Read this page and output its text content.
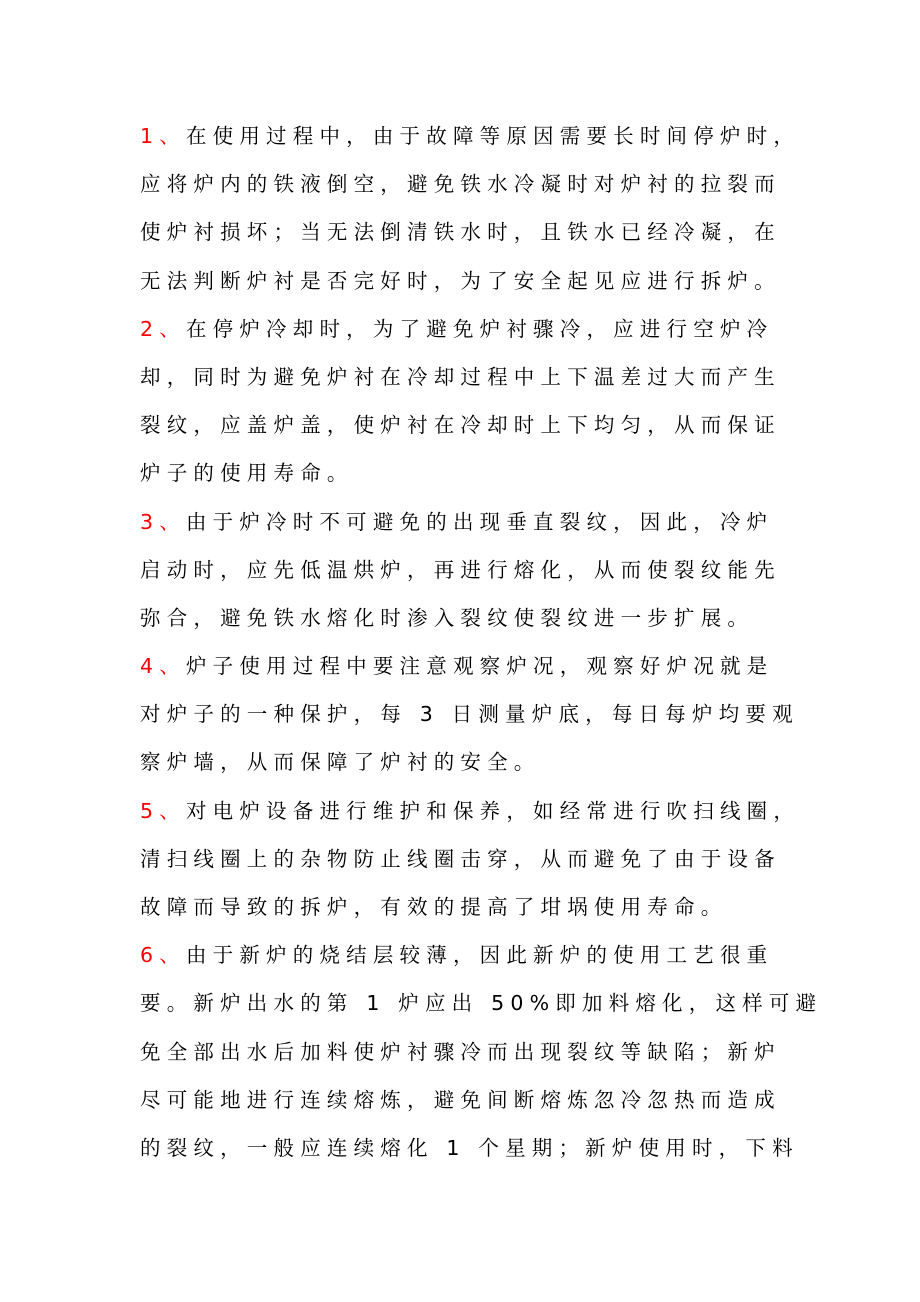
1、在使用过程中，由于故障等原因需要长时间停炉时，
应将炉内的铁液倒空，避免铁水冷凝时对炉衬的拉裂而
使炉衬损坏；当无法倒清铁水时，且铁水已经冷凝，在
无法判断炉衬是否完好时，为了安全起见应进行拆炉。
2、在停炉冷却时，为了避免炉衬骤冷，应进行空炉冷
却，同时为避免炉衬在冷却过程中上下温差过大而产生
裂纹，应盖炉盖，使炉衬在冷却时上下均匀，从而保证
炉子的使用寿命。
3、由于炉冷时不可避免的出现垂直裂纹，因此，冷炉
启动时，应先低温烘炉，再进行熔化，从而使裂纹能先
弥合，避免铁水熔化时渗入裂纹使裂纹进一步扩展。
4、炉子使用过程中要注意观察炉况，观察好炉况就是
对炉子的一种保护，每 3 日测量炉底，每日每炉均要观
察炉墙，从而保障了炉衬的安全。
5、对电炉设备进行维护和保养，如经常进行吹扫线圈，
清扫线圈上的杂物防止线圈击穿，从而避免了由于设备
故障而导致的拆炉，有效的提高了坩埚使用寿命。
6、由于新炉的烧结层较薄，因此新炉的使用工艺很重
要。新炉出水的第 1 炉应出 50%即加料熔化，这样可避
免全部出水后加料使炉衬骤冷而出现裂纹等缺陷；新炉
尽可能地进行连续熔炼，避免间断熔炼忽冷忽热而造成
的裂纹，一般应连续熔化 1 个星期；新炉使用时，下料
